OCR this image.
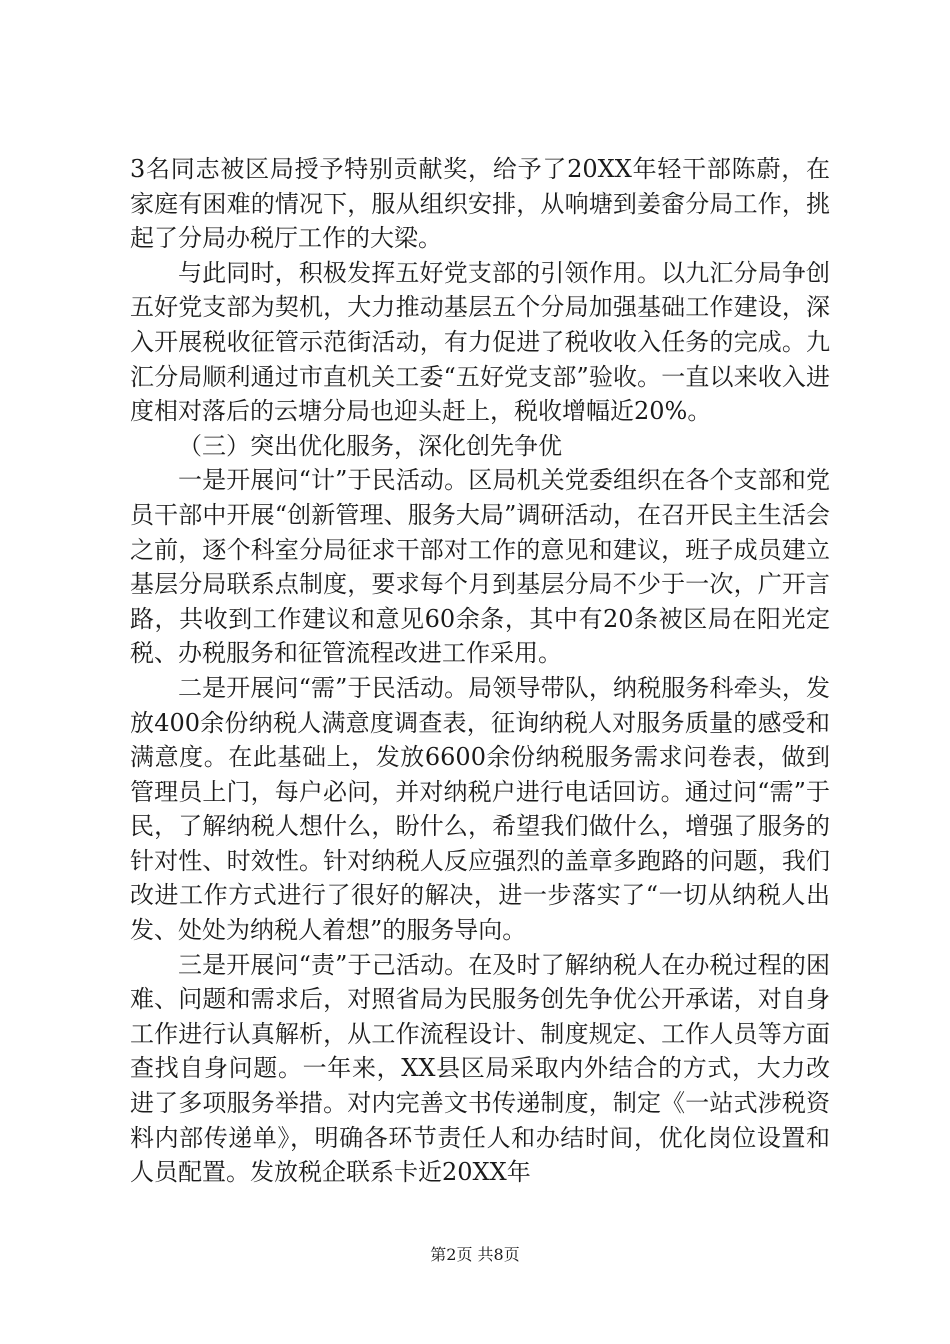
3名同志被区局授予特别贡献奖，给予了20XX年轻干部陈蔚，在家庭有困难的情况下，服从组织安排，从响塘到姜畲分局工作，挑起了分局办税厅工作的大梁。

与此同时，积极发挥五好党支部的引领作用。以九汇分局争创五好党支部为契机，大力推动基层五个分局加强基础工作建设，深入开展税收征管示范街活动，有力促进了税收收入任务的完成。九汇分局顺利通过市直机关工委“五好党支部”验收。一直以来收入进度相对落后的云塘分局也迎头赶上，税收增幅近20%。

（三）突出优化服务，深化创先争优

一是开展问“计”于民活动。区局机关党委组织在各个支部和党员干部中开展“创新管理、服务大局”调研活动，在召开民主生活会之前，逐个科室分局征求干部对工作的意见和建议，班子成员建立基层分局联系点制度，要求每个月到基层分局不少于一次，广开言路，共收到工作建议和意见60余条，其中有20条被区局在阳光定税、办税服务和征管流程改进工作采用。

二是开展问“需”于民活动。局领导带队，纳税服务科牵头，发放400余份纳税人满意度调查表，征询纳税人对服务质量的感受和满意度。在此基础上，发放6600余份纳税服务需求问卷表，做到管理员上门，每户必问，并对纳税户进行电话回访。通过问“需”于民，了解纳税人想什么，盼什么，希望我们做什么，增强了服务的针对性、时效性。针对纳税人反应强烈的盖章多跑路的问题，我们改进工作方式进行了很好的解决，进一步落实了“一切从纳税人出发、处处为纳税人着想”的服务导向。

三是开展问“责”于己活动。在及时了解纳税人在办税过程的困难、问题和需求后，对照省局为民服务创先争优公开承诺，对自身工作进行认真解析，从工作流程设计、制度规定、工作人员等方面查找自身问题。一年来，XX县区局采取内外结合的方式，大力改进了多项服务举措。对内完善文书传递制度，制定《一站式涉税资料内部传递单》，明确各环节责任人和办结时间，优化岗位设置和人员配置。发放税企联系卡近20XX年

第2页 共8页
